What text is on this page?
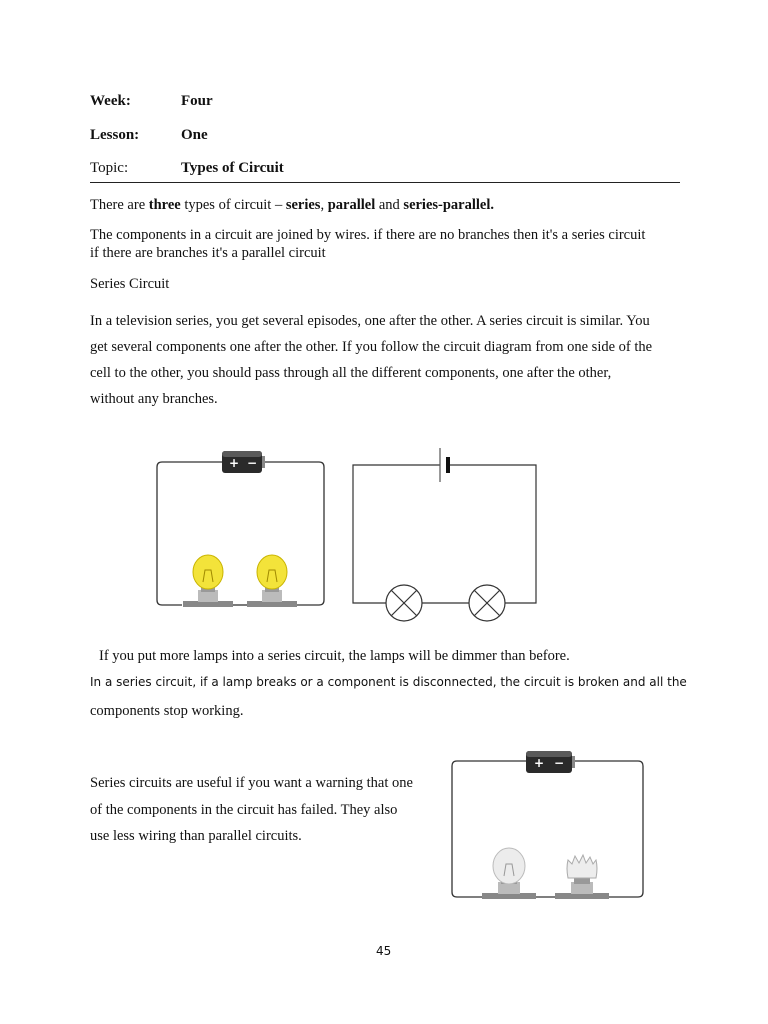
Week:	Four
Lesson:	One
Topic:	Types of Circuit
There are three types of circuit – series, parallel and series-parallel.
The components in a circuit are joined by wires. if there are no branches then it's a series circuit
if there are branches it's a parallel circuit
Series Circuit
In a television series, you get several episodes, one after the other. A series circuit is similar. You
get several components one after the other. If you follow the circuit diagram from one side of the
cell to the other, you should pass through all the different components, one after the other,
without any branches.
+ −
If you put more lamps into a series circuit, the lamps will be dimmer than before.
In a series circuit, if a lamp breaks or a component is disconnected, the circuit is broken and all the
components stop working.
Series circuits are useful if you want a warning that one
of the components in the circuit has failed. They also
use less wiring than parallel circuits.
+ −
45
